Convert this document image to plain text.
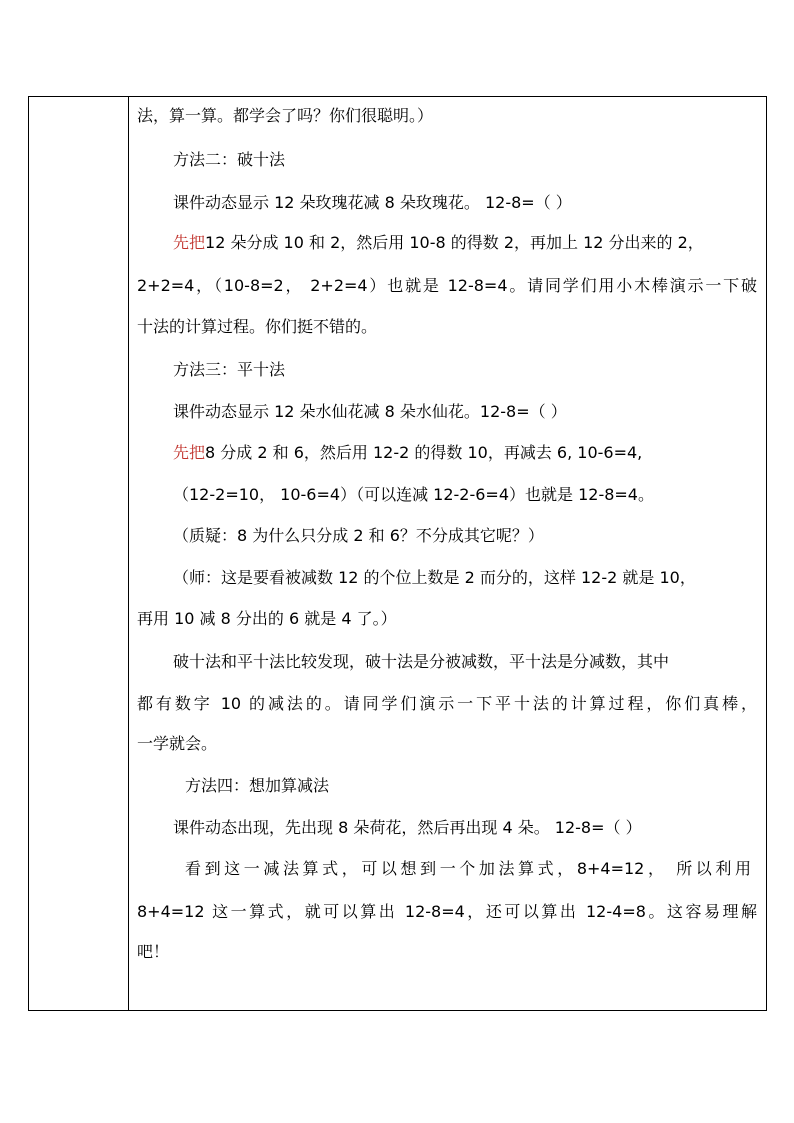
法，算一算。都学会了吗？你们很聪明。）
方法二：破十法
课件动态显示 12 朵玫瑰花减 8 朵玫瑰花。 12-8=（ ）
先把12 朵分成 10 和 2，然后用 10-8 的得数 2，再加上 12 分出来的 2，
2+2=4，（10-8=2， 2+2=4）也就是 12-8=4。请同学们用小木棒演示一下破
十法的计算过程。你们挺不错的。
方法三：平十法
课件动态显示 12 朵水仙花减 8 朵水仙花。12-8=（ ）
先把8 分成 2 和 6，然后用 12-2 的得数 10，再减去 6, 10-6=4,
（12-2=10， 10-6=4）（可以连减 12-2-6=4）也就是 12-8=4。
（质疑：8 为什么只分成 2 和 6？不分成其它呢？）
（师：这是要看被减数 12 的个位上数是 2 而分的，这样 12-2 就是 10，
再用 10 减 8 分出的 6 就是 4 了。）
破十法和平十法比较发现，破十法是分被减数，平十法是分减数，其中
都有数字 10 的减法的。请同学们演示一下平十法的计算过程，你们真棒，
一学就会。
方法四：想加算减法
课件动态出现，先出现 8 朵荷花，然后再出现 4 朵。 12-8=（ ）
看到这一减法算式，可以想到一个加法算式，8+4=12， 所以利用
8+4=12 这一算式，就可以算出 12-8=4，还可以算出 12-4=8。这容易理解
吧！
